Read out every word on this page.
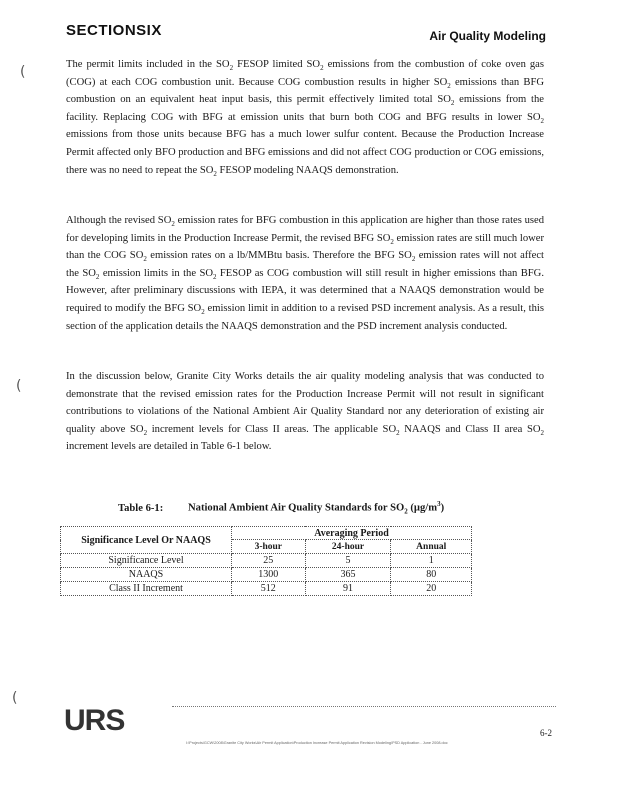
SECTIONSIX	Air Quality Modeling
(
(
(
The permit limits included in the $SO_2$ FESOP limited $SO_2$ emissions from the combustion of coke oven gas (COG) at each COG combustion unit. Because COG combustion results in higher $SO_2$ emissions than BFG combustion on an equivalent heat input basis, this permit effectively limited total $SO_2$ emissions from the facility. Replacing COG with BFG at emission units that burn both COG and BFG results in lower $SO_2$ emissions from those units because BFG has a much lower sulfur content. Because the Production Increase Permit affected only BFO production and BFG emissions and did not affect COG production or COG emissions, there was no need to repeat the $SO_2$ FESOP modeling NAAQS demonstration.
Although the revised $SO_2$ emission rates for BFG combustion in this application are higher than those rates used for developing limits in the Production Increase Permit, the revised BFG $SO_2$ emission rates are still much lower than the COG $SO_2$ emission rates on a lb/MMBtu basis. Therefore the BFG $SO_2$ emission rates will not affect the $SO_2$ emission limits in the $SO_2$ FESOP as COG combustion will still result in higher emissions than BFG. However, after preliminary discussions with IEPA, it was determined that a NAAQS demonstration would be required to modify the BFG $SO_2$ emission limit in addition to a revised PSD increment analysis. As a result, this section of the application details the NAAQS demonstration and the PSD increment analysis conducted.
In the discussion below, Granite City Works details the air quality modeling analysis that was conducted to demonstrate that the revised emission rates for the Production Increase Permit will not result in significant contributions to violations of the National Ambient Air Quality Standard nor any deterioration of existing air quality above $SO_2$ increment levels for Class II areas. The applicable $SO_2$ NAAQS and Class II area $SO_2$ increment levels are detailed in Table 6-1 below.
Table 6-1: National Ambient Air Quality Standards for $SO_2$ $(\mu g/m^3)$
Significance Level Or NAAQS	Averaging Period		
	3-hour	24-hour	Annual
Significance Level	25	5	1
NAAQS	1300	365	80
Class II Increment	512	91	20
URS	6-2
I:\Projects\GCW\2008\Granite City Works\Air Permit Application\Production Increase Permit Application Revision Modeling\PSD Application - June 2008.doc
